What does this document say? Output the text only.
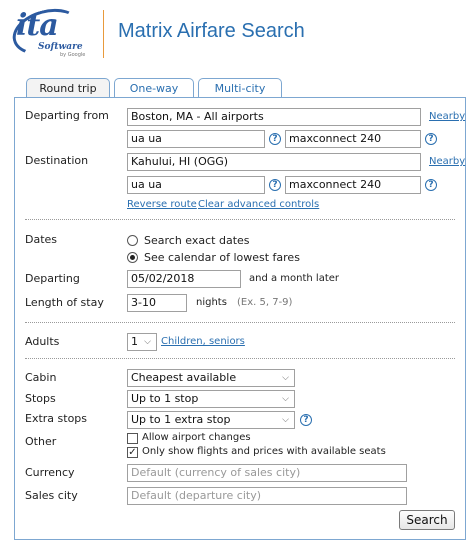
ita
Software
by Google
Matrix Airfare Search
Round trip	One-way	Multi-city
Departing from	Boston, MA - All airports	Nearby
ua ua	?	maxconnect 240	?
Destination	Kahului, HI (OGG)	Nearby
ua ua	?	maxconnect 240	?
Reverse route Clear advanced controls
Dates	Search exact dates
See calendar of lowest fares
Departing	05/02/2018	and a month later
Length of stay	3-10	nights (Ex. 5, 7-9)
Adults	1 ⌵ Children, seniors
Cabin	Cheapest available	⌵
Stops	Up to 1 stop	⌵
Extra stops	Up to 1 extra stop	⌵	?
Other	Allow airport changes
✓ Only show flights and prices with available seats
Currency	Default (currency of sales city)
Sales city	Default (departure city)
Search
